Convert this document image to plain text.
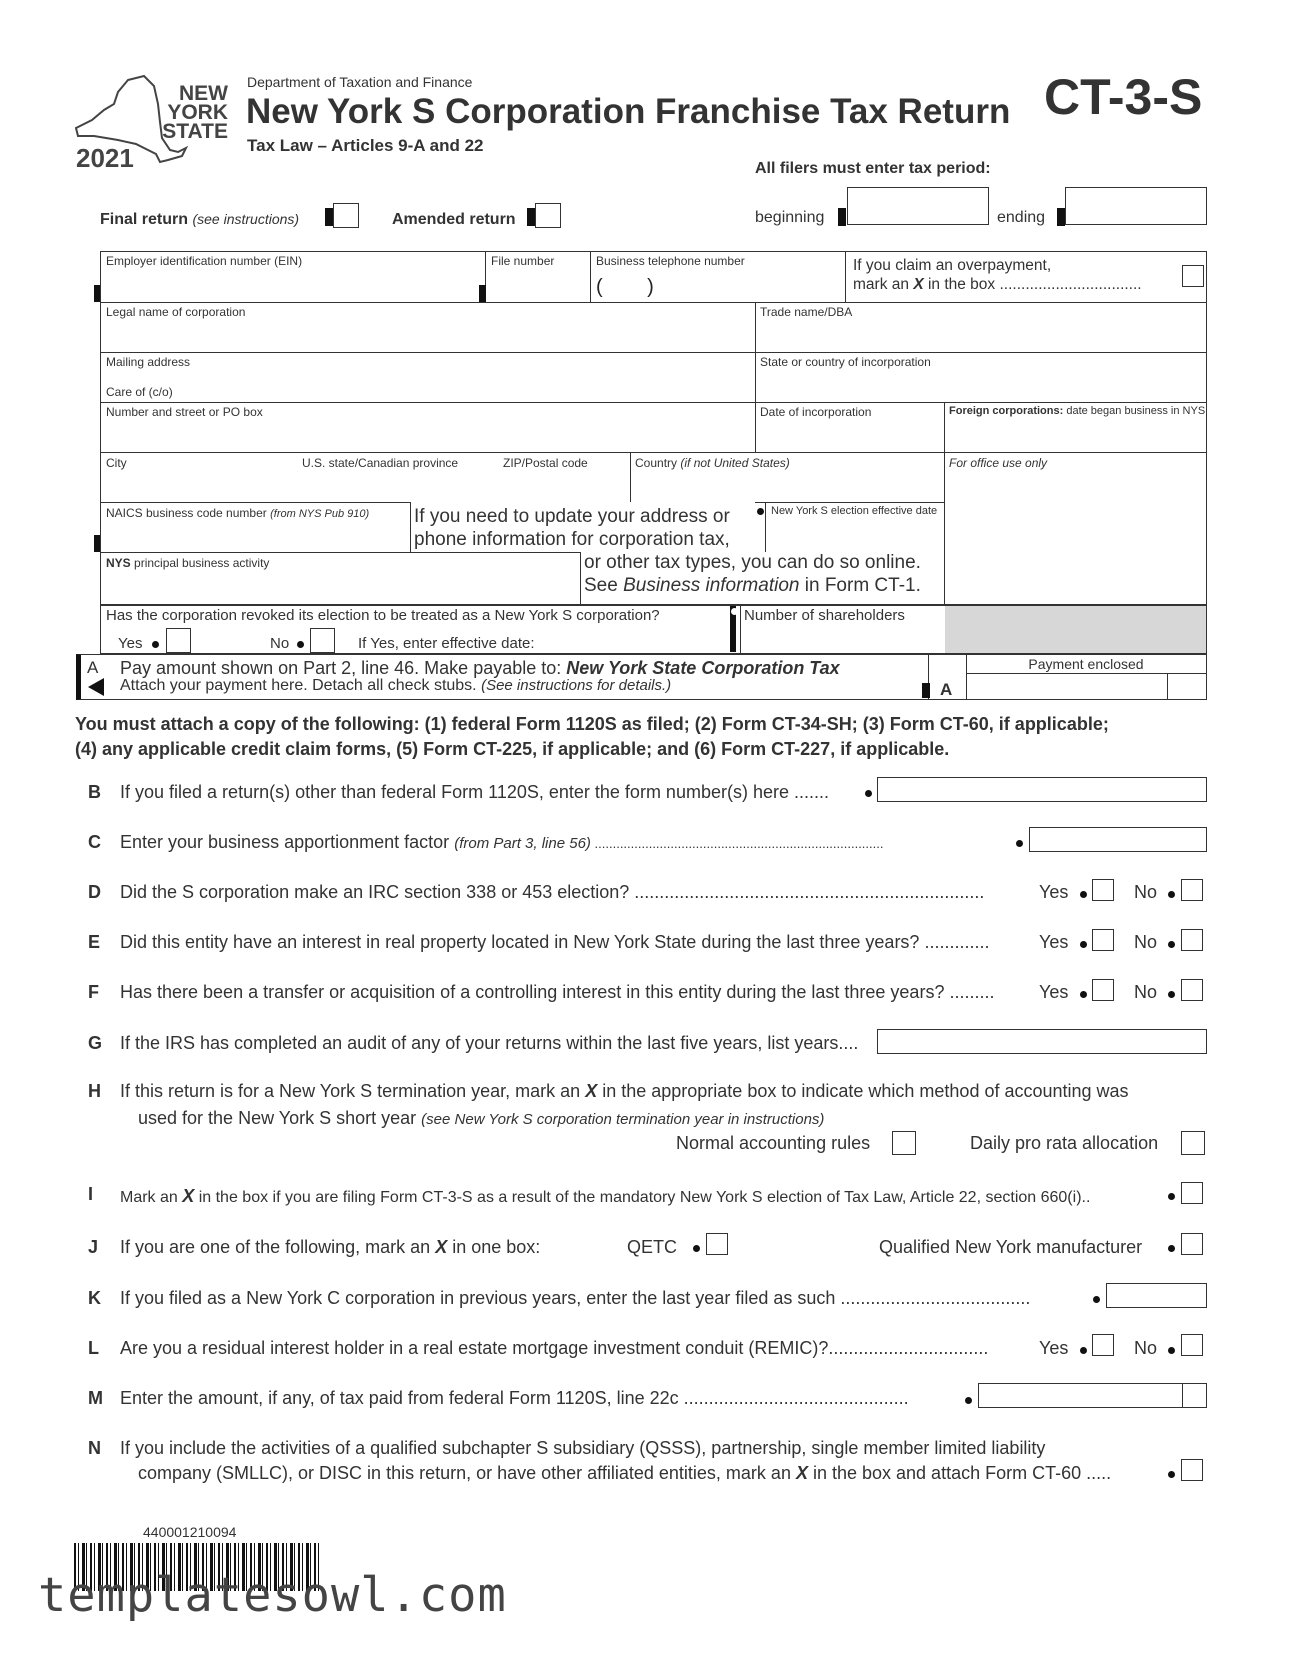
NEW
YORK
STATE
2021
Department of Taxation and Finance
New York S Corporation Franchise Tax Return
Tax Law – Articles 9-A and 22
CT-3-S
All filers must enter tax period:
beginning	ending
Final return (see instructions)	Amended return
Employer identification number (EIN)	File number	Business telephone number
(        )
If you claim an overpayment,
mark an X in the box .................................
Legal name of corporation	Trade name/DBA
Mailing address
Care of (c/o)
State or country of incorporation
Number and street or PO box	Date of incorporation	Foreign corporations: date began business in NYS
City	U.S. state/Canadian province	ZIP/Postal code	Country (if not United States)	For office use only
NAICS business code number (from NYS Pub 910) If you need to update your address or
phone information for corporation tax,
or other tax types, you can do so online.
See Business information in Form CT-1.
New York S election effective date
NYS principal business activity
Has the corporation revoked its election to be treated as a New York S corporation?
Yes	No	If Yes, enter effective date:
Number of shareholders
A Pay amount shown on Part 2, line 46. Make payable to: New York State Corporation Tax
Attach your payment here. Detach all check stubs. (See instructions for details.)	A
Payment enclosed
You must attach a copy of the following: (1) federal Form 1120S as filed; (2) Form CT-34-SH; (3) Form CT-60, if applicable;
(4) any applicable credit claim forms, (5) Form CT-225, if applicable; and (6) Form CT-227, if applicable.
B If you filed a return(s) other than federal Form 1120S, enter the form number(s) here .......
C Enter your business apportionment factor (from Part 3, line 56) ................................................................................
D Did the S corporation make an IRC section 338 or 453 election? ......................................................................	Yes	No
E Did this entity have an interest in real property located in New York State during the last three years? .............	Yes	No
F Has there been a transfer or acquisition of a controlling interest in this entity during the last three years? ......... Yes	No
G If the IRS has completed an audit of any of your returns within the last five years, list years....
H If this return is for a New York S termination year, mark an X in the appropriate box to indicate which method of accounting was
used for the New York S short year (see New York S corporation termination year in instructions)
Normal accounting rules	Daily pro rata allocation
I Mark an X in the box if you are filing Form CT-3-S as a result of the mandatory New York S election of Tax Law, Article 22, section 660(i)..
J If you are one of the following, mark an X in one box:	QETC	Qualified New York manufacturer
K If you filed as a New York C corporation in previous years, enter the last year filed as such ......................................
L Are you a residual interest holder in a real estate mortgage investment conduit (REMIC)?................................	Yes	No
M Enter the amount, if any, of tax paid from federal Form 1120S, line 22c .............................................
N If you include the activities of a qualified subchapter S subsidiary (QSSS), partnership, single member limited liability
company (SMLLC), or DISC in this return, or have other affiliated entities, mark an X in the box and attach Form CT-60 .....
440001210094
templatesowl.com
